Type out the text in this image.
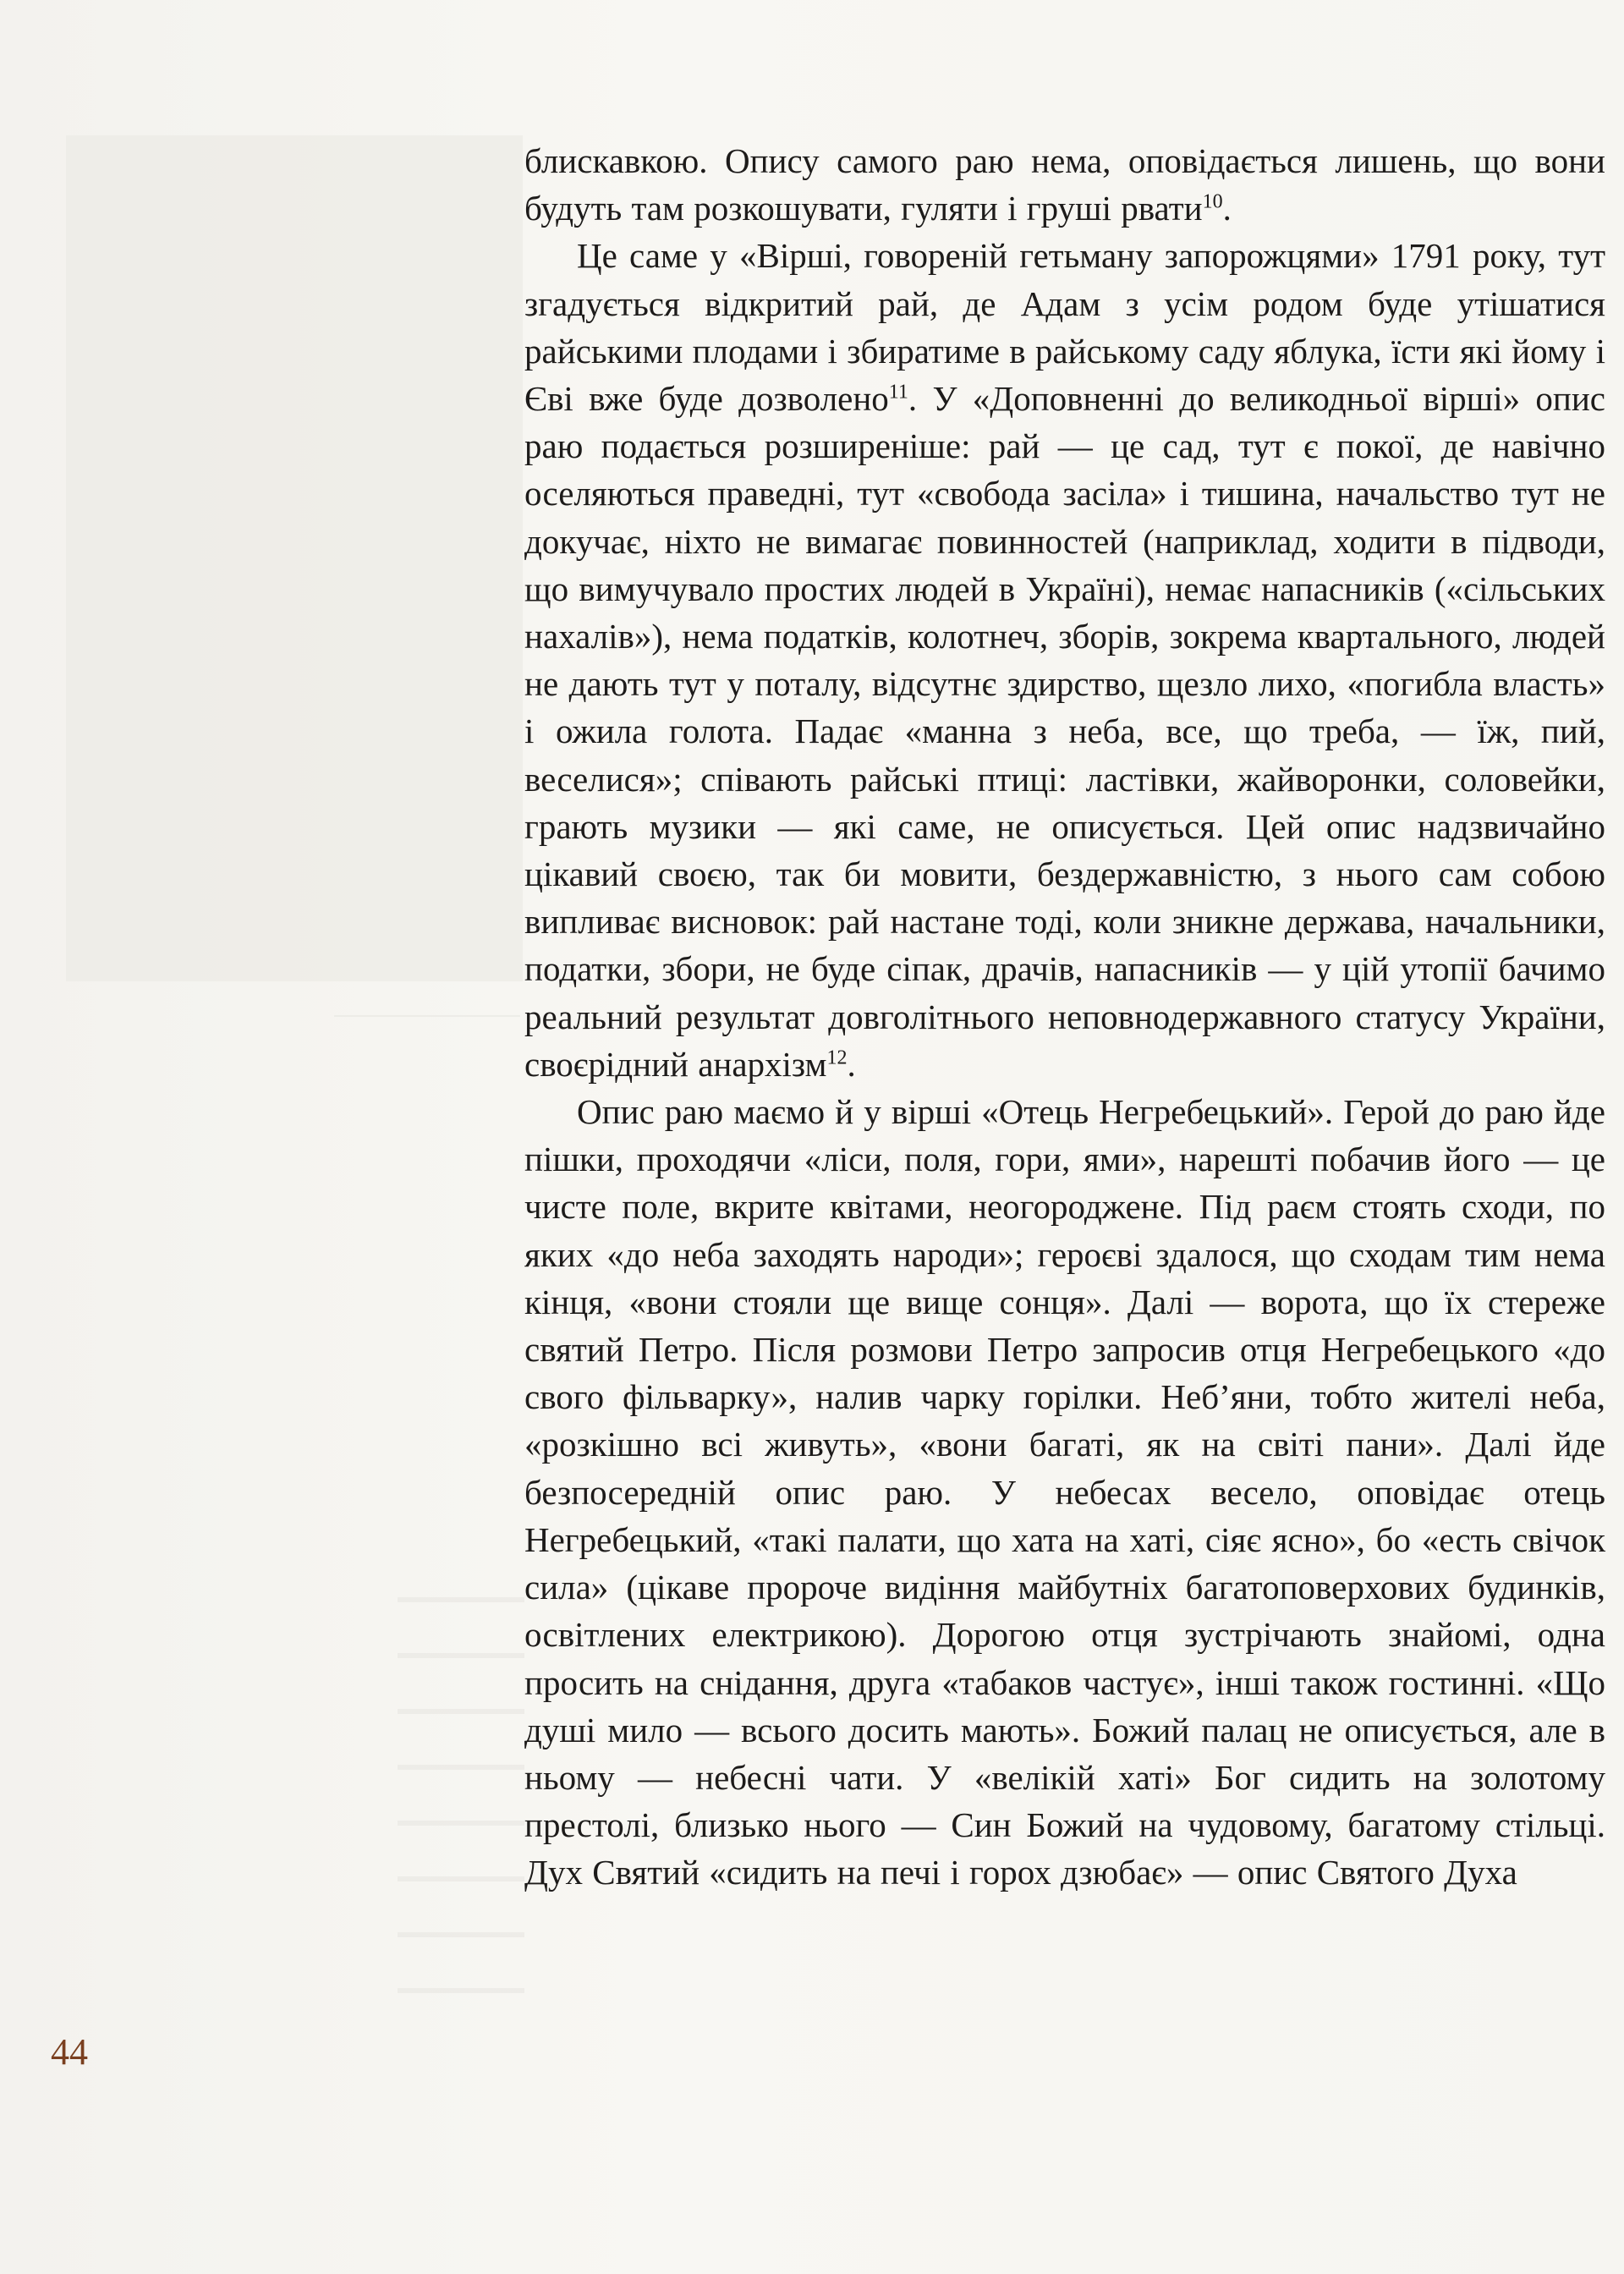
блискавкою. Опису самого раю нема, оповідається лишень, що вони будуть там розкошувати, гуляти і груші рвати$^{10}$.

Це саме у «Вірші, говореній гетьману запорожцями» 1791 року, тут згадується відкритий рай, де Адам з усім родом буде утішатися райськими плодами і збиратиме в райському саду яблука, їсти які йому і Єві вже буде дозволено$^{11}$. У «Доповненні до великодньої вірші» опис раю подається розширеніше: рай — це сад, тут є покої, де навічно оселяються праведні, тут «свобода засіла» і тишина, начальство тут не докучає, ніхто не вимагає повинностей (наприклад, ходити в підводи, що вимучувало простих людей в Україні), немає напасників («сільських нахалів»), нема податків, колотнеч, зборів, зокрема квартального, людей не дають тут у поталу, відсутнє здирство, щезло лихо, «погибла власть» і ожила голота. Падає «манна з неба, все, що треба, — їж, пий, веселися»; співають райські птиці: ластівки, жайворонки, соловейки, грають музики — які саме, не описується. Цей опис надзвичайно цікавий своєю, так би мовити, бездержавністю, з нього сам собою випливає висновок: рай настане тоді, коли зникне держава, начальники, податки, збори, не буде сіпак, драчів, напасників — у цій утопії бачимо реальний результат довголітнього неповнодержавного статусу України, своєрідний анархізм$^{12}$.

Опис раю маємо й у вірші «Отець Негребецький». Герой до раю йде пішки, проходячи «ліси, поля, гори, ями», нарешті побачив його — це чисте поле, вкрите квітами, неогороджене. Під раєм стоять сходи, по яких «до неба заходять народи»; героєві здалося, що сходам тим нема кінця, «вони стояли ще вище сонця». Далі — ворота, що їх стереже святий Петро. Після розмови Петро запросив отця Негребецького «до свого фільварку», налив чарку горілки. Неб’яни, тобто жителі неба, «розкішно всі живуть», «вони багаті, як на світі пани». Далі йде безпосередній опис раю. У небесах весело, оповідає отець Негребецький, «такі палати, що хата на хаті, сіяє ясно», бо «есть свічок сила» (цікаве пророче видіння майбутніх багатоповерхових будинків, освітлених електрикою). Дорогою отця зустрічають знайомі, одна просить на снідання, друга «табаков частує», інші також гостинні. «Що душі мило — всього досить мають». Божий палац не описується, але в ньому — небесні чати. У «велікій хаті» Бог сидить на золотому престолі, близько нього — Син Божий на чудовому, багатому стільці. Дух Святий «сидить на печі і горох дзюбає» — опис Святого Духа

44
